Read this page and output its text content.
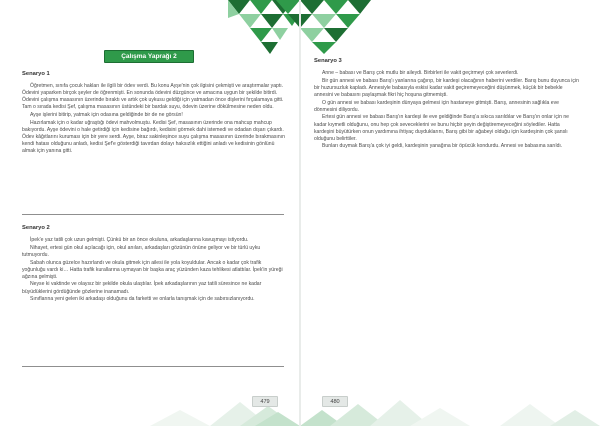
Çalışma Yaprağı 2
Senaryo 1

Öğretmen, sınıfa çocuk hakları ile ilgili bir ödev verdi. Bu konu Ayşe'nin çok ilgisini çekmişti ve araştırmalar yaptı. Ödevini yaparken birçok şeyler de öğrenmişti. En sonunda ödevini düzgünce ve amacına uygun bir şekilde bitirdi. Ödevini çalışma masasının üzerinde bıraktı ve artık çok uykusu geldiği için yatmadan önce dişlerini fırçalamaya gitti. Tam o sırada kedisi Şef, çalışma masasının üstündeki bir bardak suyu, ödevin üzerine dökülmesine neden oldu.

Ayşe işlerini bitirip, yatmak için odasına geldiğinde bir de ne görsün!

Hazırlamak için o kadar uğraştığı ödevi mahvolmuştu. Kedisi Şef, masasının üzerinde ona mahcup mahcup bakıyordu. Ayşe ödevini o hale getirdiği için kedisine bağırdı, kedisini görmek dahi istemedi ve odadan dışarı çıkardı. Ödev kâğıtlarını kuruması için bir yere serdi. Ayşe, biraz sakinleşince suyu çalışma masasının üzerinde bırakmasının kendi hatası olduğunu anladı, kedisi Şef'e gösterdiği tavırdan dolayı haksızlık ettiğini anladı ve kedisinin gönlünü almak için yanına gitti.

Senaryo 2

İpek'e yaz tatili çok uzun gelmişti. Çünkü bir an önce okuluna, arkadaşlarına kavuşmayı istiyordu.

Nihayet, ertesi gün okul açılacağı için, okul anıları, arkadaşları gözünün önüne geliyor ve bir türlü uyku tutmuyordu.

Sabah olunca güzelce hazırlandı ve okula gitmek için ailesi ile yola koyuldular. Ancak o kadar çok trafik yoğunluğu vardı ki… Hatta trafik kurallarına uymayan bir başka araç yüzünden kaza tehlikesi atlattılar. İpek'in yüreği ağzına gelmişti.

Neyse ki vaktinde ve olaysız bir şekilde okula ulaştılar. İpek arkadaşlarının yaz tatili süresince ne kadar büyüdüklerini gördüğünde gözlerine inanamadı.

Sınıflarına yeni gelen iki arkadaşı olduğunu da farketti ve onlarla tanışmak için de sabırsızlanıyordu.

479
Senaryo 3

Anne – babası ve Barış çok mutlu bir aileydi. Birbirleri ile vakit geçirmeyi çok severlerdi.

Bir gün annesi ve babası Barış'ı yanlarına çağırıp, bir kardeşi olacağının haberini verdiler. Barış bunu duyunca için bir huzursuzluk kapladı. Annesiyle babasıyla eskisi kadar vakit geçiremeyeceğini düşünmek, küçük bir bebekle annesini ve babasını paylaşmak fikri hiç hoşuna gitmemişti.

O gün annesi ve babası kardeşinin dünyaya gelmesi için hastaneye gitmişti. Barış, annesinin sağlıkla eve dönmesini diliyordu.

Ertesi gün annesi ve babası Barış'ın kardeşi ile eve geldiğinde Barış'a sıkıca sarıldılar ve Barış'ın onlar için ne kadar kıymetli olduğunu, onu hep çok seveceklerini ve bunu hiçbir şeyin değiştiremeyeceğini söylediler. Hatta kardeşini büyütürken onun yardımına ihtiyaç duyduklarını, Barış gibi bir ağabeyi olduğu için kardeşinin çok şanslı olduğunu belirttiler.

Bunları duymak Barış'a çok iyi geldi, kardeşinin yanağına bir öpücük kondurdu. Annesi ve babasına sarıldı.

480
